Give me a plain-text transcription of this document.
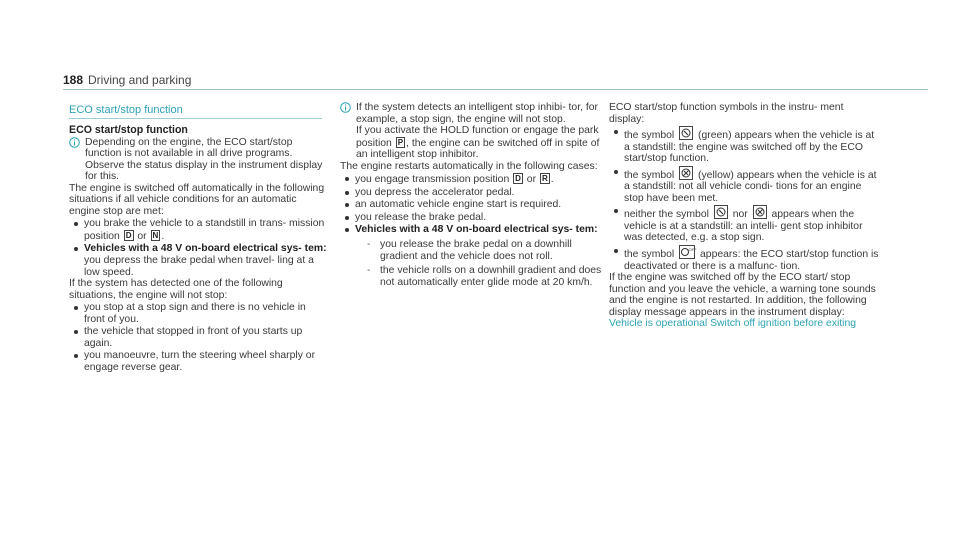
188 Driving and parking
ECO start/stop function
ECO start/stop function

Depending on the engine, the ECO start/stop function is not available in all drive programs. Observe the status display in the instrument display for this.

The engine is switched off automatically in the following situations if all vehicle conditions for an automatic engine stop are met:

you brake the vehicle to a standstill in trans- mission position D or N .
Vehicles with a 48 V on-board electrical sys- tem: you depress the brake pedal when travel- ling at a low speed.

If the system has detected one of the following situations, the engine will not stop:

you stop at a stop sign and there is no vehicle in front of you.
the vehicle that stopped in front of you starts up again.
you manoeuvre, turn the steering wheel sharply or engage reverse gear.

If the system detects an intelligent stop inhibi- tor, for example, a stop sign, the engine will not stop.

If you activate the HOLD function or engage the park position P , the engine can be switched off in spite of an intelligent stop inhibitor.

The engine restarts automatically in the following cases:

you engage transmission position D or R .
you depress the accelerator pedal.
an automatic vehicle engine start is required.
you release the brake pedal.
Vehicles with a 48 V on-board electrical sys- tem:
- you release the brake pedal on a downhill gradient and the vehicle does not roll.
- the vehicle rolls on a downhill gradient and does not automatically enter glide mode at 20 km/h.

ECO start/stop function symbols in the instru- ment display:

the symbol (green) appears when the vehicle is at a standstill: the engine was switched off by the ECO start/stop function.
the symbol (yellow) appears when the vehicle is at a standstill: not all vehicle condi- tions for an engine stop have been met.
neither the symbol nor appears when the vehicle is at a standstill: an intelli- gent stop inhibitor was detected, e.g. a stop sign.
the symbol	OFF appears: the ECO start/stop function is deactivated or there is a malfunc- tion.

If the engine was switched off by the ECO start/ stop function and you leave the vehicle, a warning tone sounds and the engine is not restarted. In addition, the following display message appears in the instrument display:

Vehicle is operational Switch off ignition before exiting
